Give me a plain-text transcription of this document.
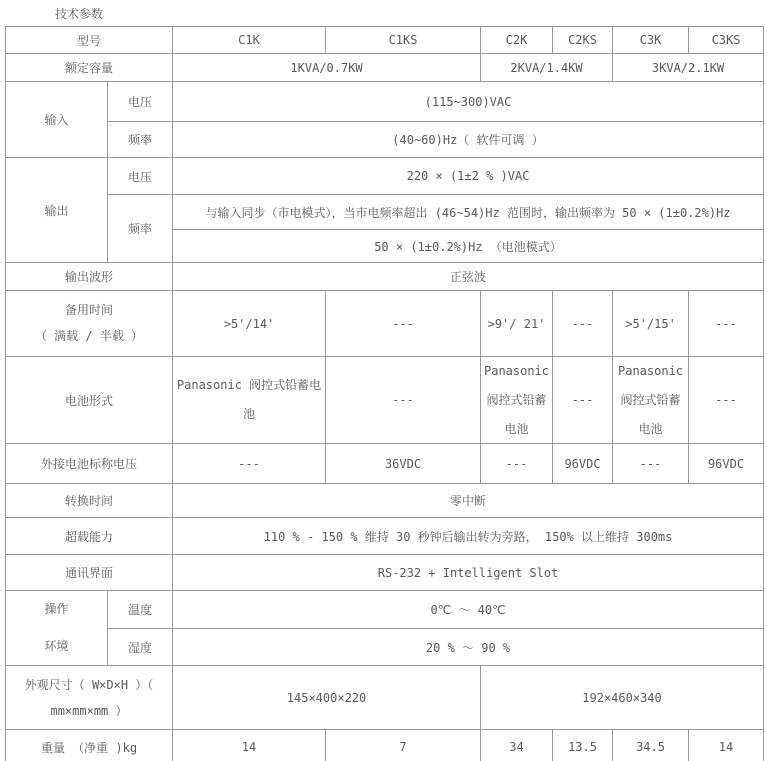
技术参数
型号		C1K	C1KS	C2K	C2KS	C3K	C3KS
额定容量		1KVA/0.7KW		2KVA/1.4KW		3KVA/2.1KW	
输入	电压	(115~300)VAC					
	频率	(40~60)Hz（ 软件可调 ）					
输出	电压	220 × (1±2 % )VAC					
	频率	与输入同步（市电模式），当市电频率超出 (46~54)Hz 范围时，输出频率为 50 × (1±0.2%)Hz					
		50 × (1±0.2%)Hz （电池模式）					
输出波形		正弦波					

备用时间
（ 满载 / 半载 ）		>5'/14'	---	>9'/ 21'	---	>5'/15'	---
电池形式		Panasonic 阀控式铅蓄电池	---	Panasonic 阀控式铅蓄电池	---	Panasonic 阀控式铅蓄电池	---
外接电池标称电压		---	36VDC	---	96VDC	---	96VDC
转换时间		零中断					
超载能力		110 % - 150 % 维持 30 秒钟后输出转为旁路， 150% 以上维持 300ms					
通讯界面		RS-232 + Intelligent Slot					

操作
环境	温度	0℃ ～ 40℃					
	湿度	20 % ～ 90 %					

外观尺寸（ W×D×H ）（
mm×mm×mm ）		145×400×220		192×460×340			
重量 （净重 )kg		14	7	34	13.5	34.5	14
